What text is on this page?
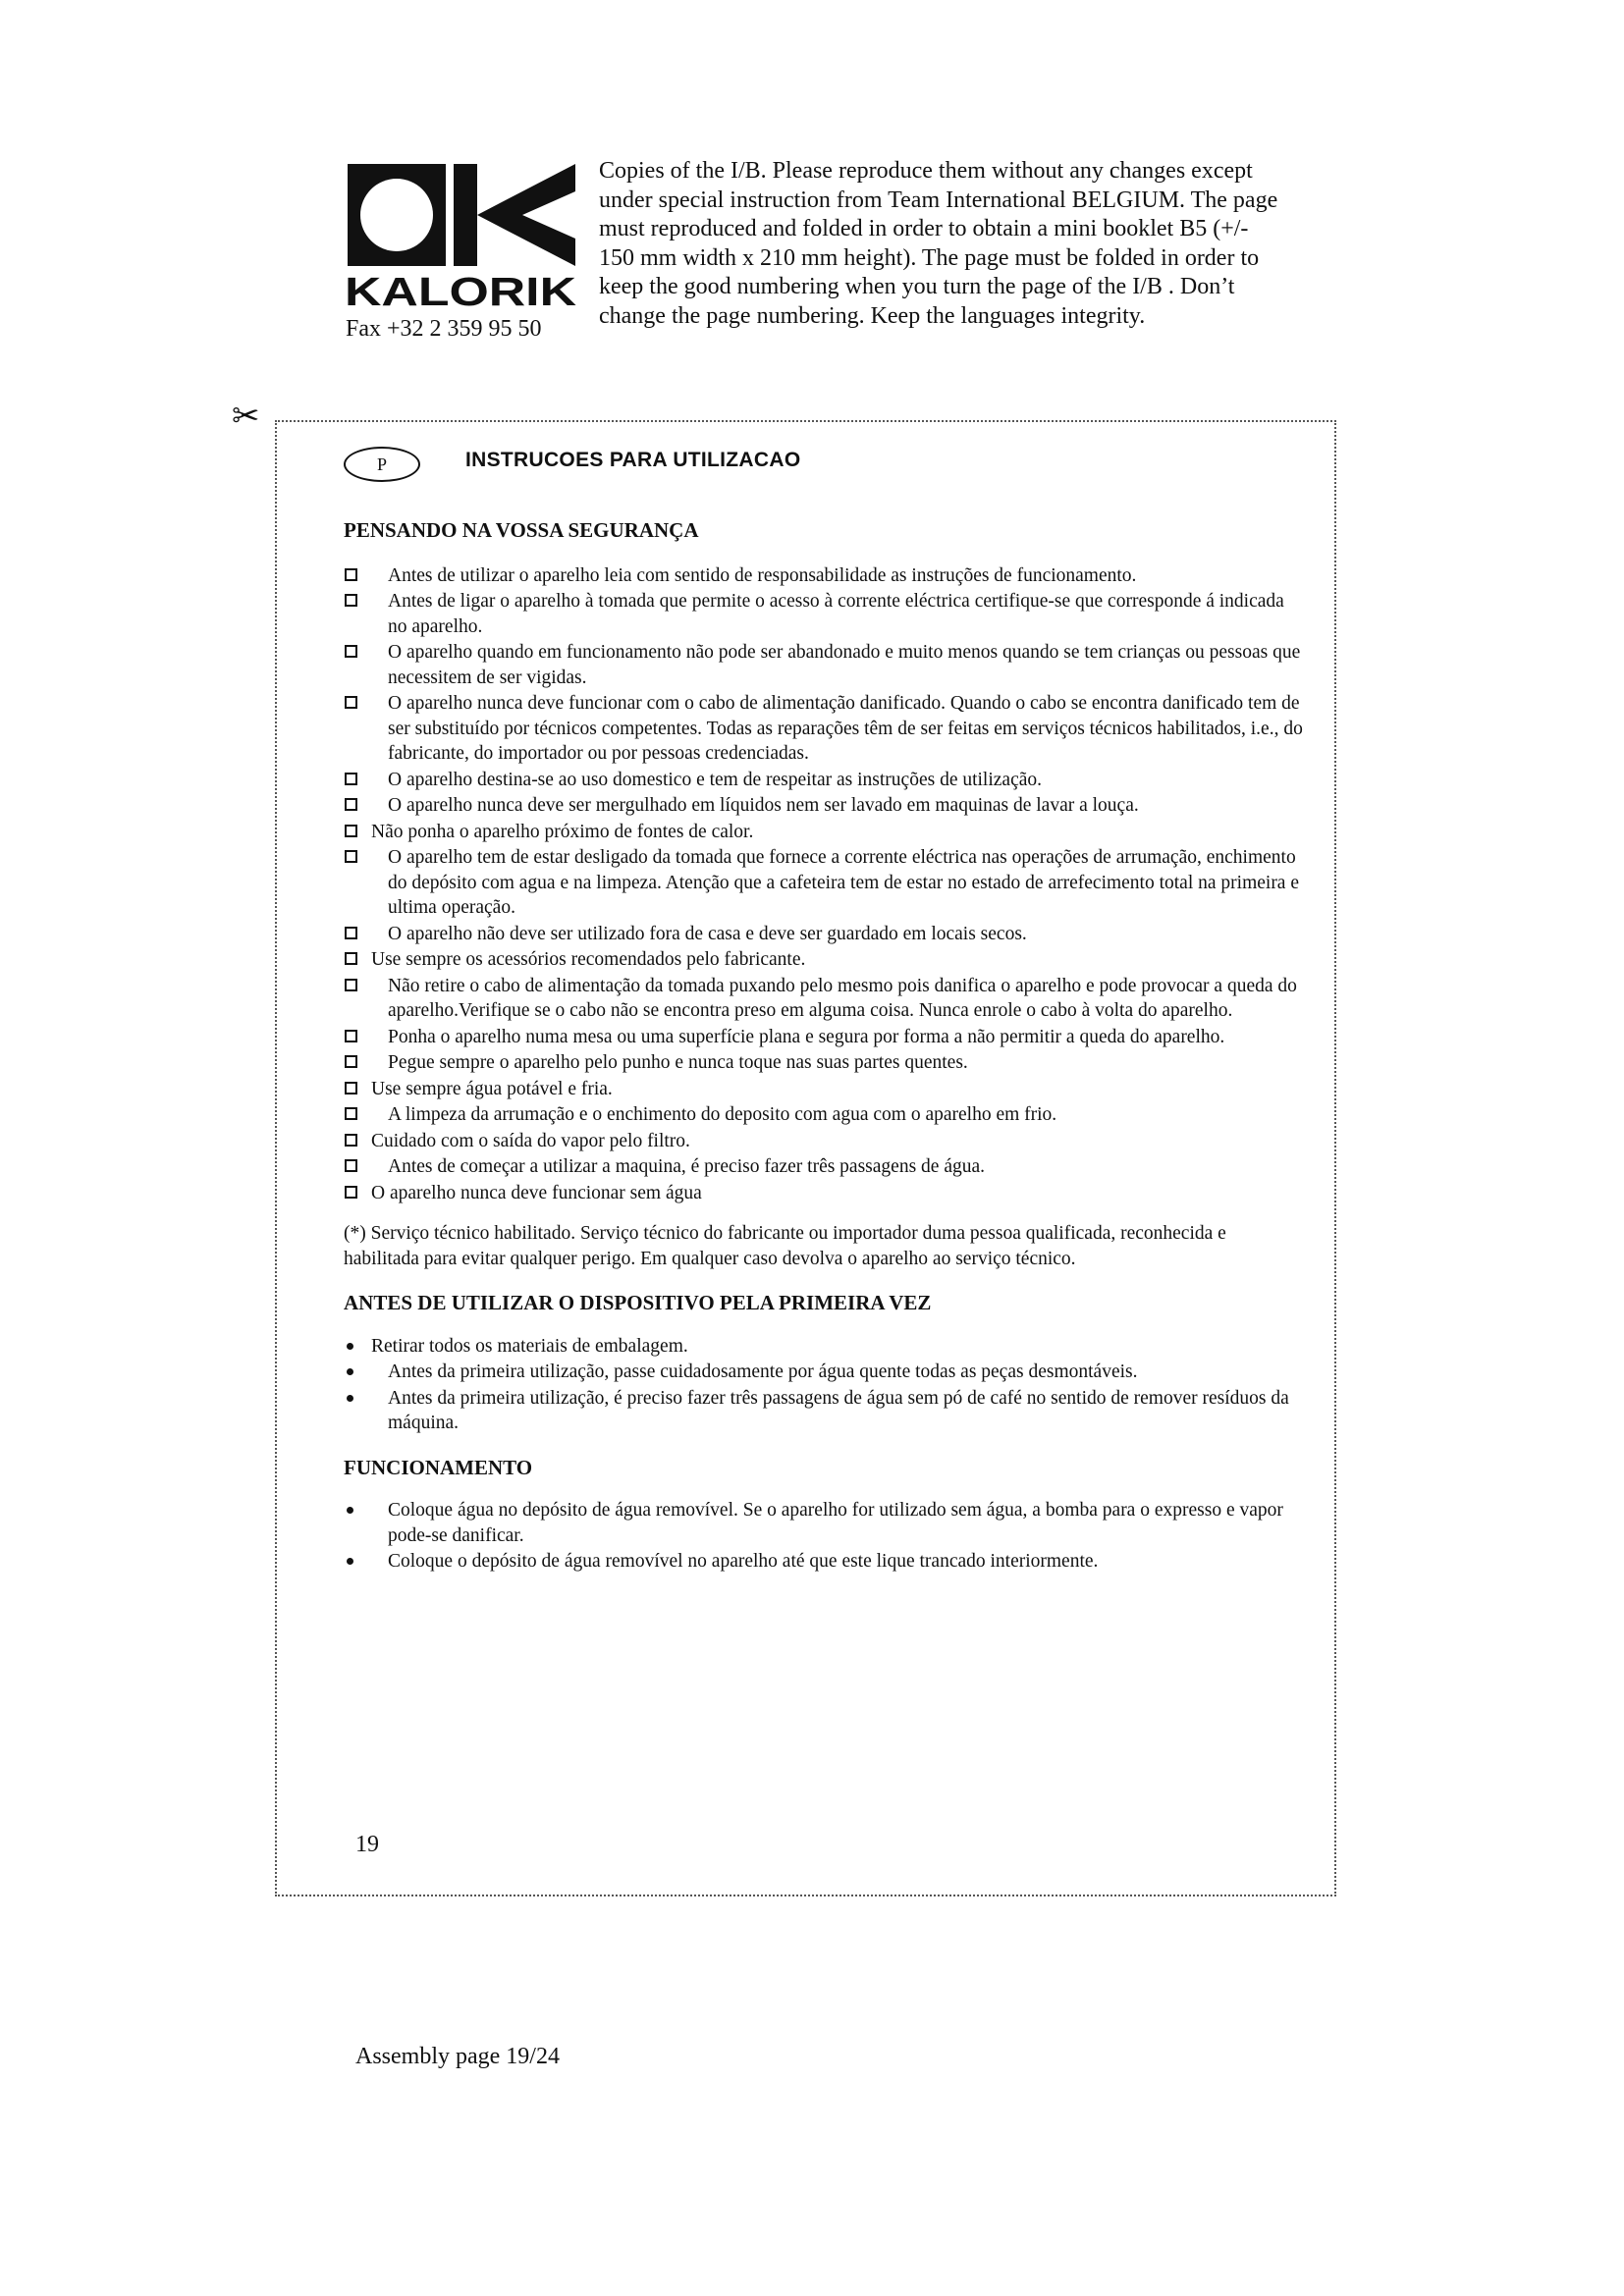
KALORIK
Fax +32 2 359 95 50
Copies of the I/B. Please reproduce them without any changes except under special instruction from Team International BELGIUM. The page must reproduced and folded in order to obtain a mini booklet B5 (+/- 150 mm width x 210 mm height). The page must be folded in order to keep the good numbering when you turn the page of the I/B . Don’t change the page numbering. Keep the languages integrity.
✂
P	INSTRUCOES PARA UTILIZACAO
PENSANDO NA VOSSA SEGURANÇA
Antes de utilizar o aparelho leia com sentido de responsabilidade as instruções de funcionamento.
Antes de ligar o aparelho à tomada que permite o acesso à corrente eléctrica certifique-se que corresponde á indicada no aparelho.
O aparelho quando em funcionamento não pode ser abandonado e muito menos quando se tem crianças ou pessoas que necessitem de ser vigidas.
O aparelho nunca deve funcionar com o cabo de alimentação danificado. Quando o cabo se encontra danificado tem de ser substituído por técnicos competentes. Todas as reparações têm de ser feitas em serviços técnicos habilitados, i.e., do fabricante, do importador ou por pessoas credenciadas.
O aparelho destina-se ao uso domestico e tem de respeitar as instruções de utilização.
O aparelho nunca deve ser mergulhado em líquidos nem ser lavado em maquinas de lavar a louça.
Não ponha o aparelho próximo de fontes de calor.
O aparelho tem de estar desligado da tomada que fornece a corrente eléctrica nas operações de arrumação, enchimento do depósito com agua e na limpeza. Atenção que a cafeteira tem de estar no estado de arrefecimento total na primeira e ultima operação.
O aparelho não deve ser utilizado fora de casa e deve ser guardado em locais secos.
Use sempre os acessórios recomendados pelo fabricante.
Não retire o cabo de alimentação da tomada puxando pelo mesmo pois danifica o aparelho e pode provocar a queda do aparelho.Verifique se o cabo não se encontra preso em alguma coisa. Nunca enrole o cabo à volta do aparelho.
Ponha o aparelho numa mesa ou uma superfície plana e segura por forma a não permitir a queda do aparelho.
Pegue sempre o aparelho pelo punho e nunca toque nas suas partes quentes.
Use sempre água potável e fria.
A limpeza da arrumação e o enchimento do deposito com agua com o aparelho em frio.
Cuidado com o saída do vapor pelo filtro.
Antes de começar a utilizar a maquina, é preciso fazer três passagens de água.
O aparelho nunca deve funcionar sem água

(*) Serviço técnico habilitado. Serviço técnico do fabricante ou importador duma pessoa qualificada, reconhecida e habilitada para evitar qualquer perigo. Em qualquer caso devolva o aparelho ao serviço técnico.

ANTES DE UTILIZAR O DISPOSITIVO PELA PRIMEIRA VEZ
Retirar todos os materiais de embalagem.
Antes da primeira utilização, passe cuidadosamente por água quente todas as peças desmontáveis.
Antes da primeira utilização, é preciso fazer três passagens de água sem pó de café no sentido de remover resíduos da máquina.
FUNCIONAMENTO
Coloque água no depósito de água removível. Se o aparelho for utilizado sem água, a bomba para o expresso e vapor pode-se danificar.
Coloque o depósito de água removível no aparelho até que este lique trancado interiormente.
19
Assembly page 19/24
